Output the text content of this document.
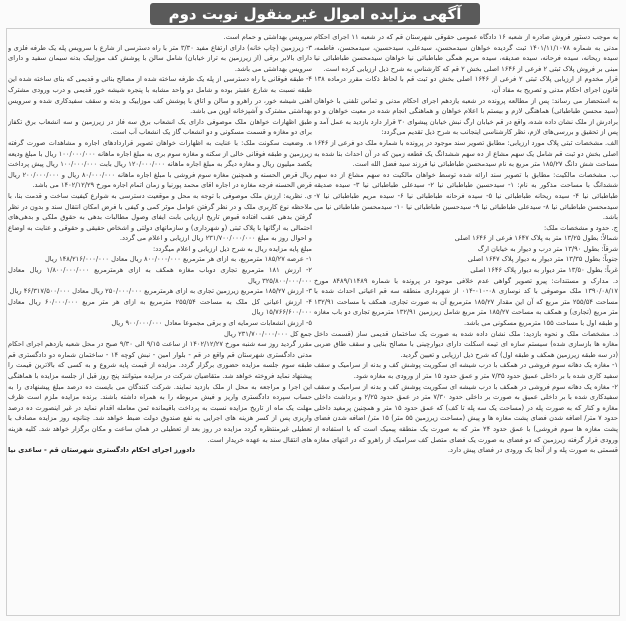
آگهی مزایده اموال غیرمنقول نوبت دوم

به موجب دستور فروش صادره از شعبه ۱۶ دادگاه عمومی حقوقی شهرستان قم که در شعبه ۱۱ اجرای احکام مدنی به شماره ۱۴۰۱/۱۱/۱۰۷۸ ثبت گردیده خواهان سیدمحسن، سیدعلی، سیدحسین، سیدمحسن، فاطمه، سیده ریحانه، سیده فرحانه، سیده صدیقه، سیده مریم همگی طباطبائی نیا خواهان سیدمحسن طباطبائی نیا مبنی بر فروش پلاک ثبتی ۲ فرعی از ۱۶۴۶ اصلی بخش ۲ قم که کارشناس به شرح ذیل ارزیابی کرده است.

قرار مخدوم از ارزیابی پلاک ثبتی ۲ فرعی از ۱۶۴۶ اصلی بخش دو ثبت قم با لحاظ ذکات مقرر درماده ۱۳۸ قانون اجرای احکام مدنی و تصریح به مفاد آن،

به استحضار می رساند: پس از مطالعه پرونده در شعبه یازدهم اجرای احکام مدنی و تماس تلفنی با خواهان (سید محسن طباطبائی) هماهنگی لازم و بیستم با اعلام خواهان و هماهنگی انجام شده در معیت خواهان و دو برادرش از ملک نشان داده شده، واقع در قم خیابان ارگ نبش خیابان پیشوای ۳۰ قرار دارد بازدید به عمل آمد و پس از تحقیق و بررسی‌های لازم، نظر کارشناسی اینجانب به شرح ذیل تقدیم می‌گردد:

الف. مشخصات ثبتی پلاک مورد ارزیابی: مطابق تصویر سند موجود در پرونده با شماره ملک دو فرعی از ۱۶۴۶ اصلی بخش دو ثبت قم شامل یک سهم مشاع از ده سهم ششدانگ یک قطعه زمین که در آن احداث بنا شده به مساحت شش دانگ ۱۸۵/۲۷ متر مربع به نام سیدمحسن طباطبائی نیا فرزند سید فضل الله است.

ب. مشخصات مالکیت: مطابق با تصویر سند ارائه شده توسط خواهان مالکیت ده سهم مشاع از ده سهم ششدانگ با مساحت مذکور به نام: ۱- سیدحسین طباطبائی نیا ۲- سیدعلی طباطبائی نیا ۳- سیده صدیقه طباطبائی نیا ۴- سیده ریحانه طباطبائی نیا ۵- سیده فرحانه طباطبائی نیا ۶- سیده مریم طباطبائی نیا ۷- سیدمحسن طباطبائی نیا ۸- سیدعلی طباطبائی نیا ۹- سیدحسین طباطبائی نیا ۱۰- سیدمحسن طباطبائی نیا می باشد.

ج. حدود و مشخصات ملک:

شمالاً: بطول ۱۳/۲۵ متر به پلاک ۱۶۴۷ فرعی از ۱۶۴۶ اصلی

شرقاً: بطول ۱۳/۹۰ متر درب و دیوار به خیابان ارگ

جنوباً: بطول ۱۳/۳۵ متر دیوار به دیوار پلاک ۱۶۴۷ اصلی

غرباً: بطول ۱۳/۵۰ متر دیوار به دیوار پلاک ۱۶۴۶ اصلی

د. مدارک و مستندات: پیرو تصویر گواهی عدم خلافی موجود در پرونده با شماره ۸۴۸۹/۱۱۴۸۹ مورخ ۱۳۹۰/۰۸/۱۷ ملک موصوفی با کد نوسازی ۰۸-۰۱۰-۰۱۴ از شهرداری منطقه سه قم اعیانی احداث شده با مساحت ۲۵۵/۵۴ متر مربع که آن این مقدار ۱۸۵/۲۷ مترمربع آن به صورت تجاری، همکف با مساحت ۱۳۲/۹۱ متر مربع (تجاری) و همکف به مساحت ۱۸۵/۲۷ متر مربع شامل زیرزمین ۱۳۲/۹۱ مترمربع تجاری دو باب مغازه و طبقه اول با مساحت ۱۵۵ مترمربع مسکونی می باشد.

ذ. مشخصات ملک و نحوه بازدید: ملک نشان داده شده به صورت یک ساختمان قدیمی ساز (قسمت داخل مغازه ها بازسازی شده) سیستم سازه ای تیمه اسکلت دارای دیوارچینی با مصالح بنایی و سقف طاق ضربی (در سه طبقه زیرزمین همکف و طبقه اول) که شرح ذیل ارزیابی و تعیین گردید.

۱- مغازه یک دهانه سوم فروشی در همکف با درب شیشه ای سکوریت پوشش کف و بدنه از سرامیک و سقف سفید کاری شده با بر داخلی عمیق حدود ۷/۳۵ متر و عمق حدود ۱۵ متر از ورودی به مغازه شود.

۲- مغازه یک دهانه سوم فروشی در همکف با درب شیشه ای سکوریت پوشش کف و بدنه از سرامیک و سقف سفیدکاری شده با بر داخلی عمیق به صورت بر داخلی حدود ۷/۳۰ متر در عمق حدود ۲/۲۵ و برداشت داخلی مغازه و کنار که به صورت پله در (مساحت یک سه پله تا کف) که عمق حدود ۱۵ متر و همچنین پرمغید داخلی حدود ۷ متر/ اضافه شدن فضای پشت مغازه ها و پیش (مساحت زیرزمین ۵۵ متر) ۱۵ متر/ اضافه شدن فضای پشت مغازه ها سوم فروشی) با عمق حدود ۲۴ متر که به صورت یک منطقه پیمیک است که با استفاده از ورودی قرار گرفته زیرزمین که دو فضای به صورت یک فضای متصل کف سرامیک از راهرو که در انتهای مغازه قسمتی به صورت پله و از آنجا یک ورودی در فضای پیش دارد.

سرویس بهداشتی و حمام است.

۳- زیرزمین (چاپ خانه) دارای ارتفاع مفید ۳/۳۰ متر با راه دسترسی از شارع با سرویس پله یک طرفه فلزی و دارای بالابر برقی (از زیرزمین به تراز خیابان) شامل سالن با پوشش کف موزاییک بدنه سیمان سفید و دارای سرویس بهداشتی می باشد.

۴- طبقه فوقانی با راه دسترسی از پله یک طرفه ساخته شده از مصالح بنائی و قدیمی که بنای ساخته شده این طبقه نسبت به شارع عقبتر بوده و شامل دو واحد مشابه با پنجره شیشه خور قدیمی و درب ورودی مشترک اهنی شیشه خور، در راهرو و سالن و اتاق با پوشش کف موزاییک و بدنه و سقف سفیدکاری شده و سرویس بهداشتی مشترک و آشپزخانه اوپن می باشد.

طبق اظهارات خواهان ملک موصوفی دارای یک انشعاب برق سه فاز در زیرزمین و سه انشعاب برق تکفاز برای دو مغازه و قسمت مسکونی و دو انشعاب گاز یک انشعاب آب است.

ه. وضعیت سکونت ملک: با عنایت به اظهارات خواهان تصویر قراردادهای اجاره و مشاهدات صورت گرفته زیرزمین و طبقه فوقانی خالی از سکنه و مغازه سوم بری به مبلغ اجاره ماهانه ۱۰۰/۰۰۰/۰۰۰ ریال با مبلغ ودیعه یکصد میلیون ریال و مغازه دیگر به مبلغ اجاره ماهانه ۱۲۰/۰۰۰/۰۰۰ ریال بابت ۱۰۰/۰۰۰/۰۰۰ ریال پیش پرداخت ریال قرض الحسنه و همچنین مغازه سوم فروشی با مبلغ اجاره ماهانه ۸۰/۰۰۰/۰۰۰ ریال و ۲۰۰/۰۰۰/۰۰۰ ریال قرض الحسنه فرجه مغازه در اجاره اقای محمد پورنیا و زمان اتمام اجاره مورخ ۱۴۰۲/۱۲/۲۹ می باشد.

ی. نظریه: ارزش ملک موصوفی با توجه به محل و موقعیت دسترسی به شوارع کیفیت ساخت و قدمت بنا، با ملاحظه نوع کاربری ملک و در نظر گرفتن عوامل موثر کمی و کیفی با فرض امکان انتقال سند و بدون در نظر گرفتن بدهی عقب افتاده قبوض تاریخ ارزیابی بابت ایفای وصول مطالبات بدهی به حقوق ملکی و بدهی‌های احتمالی به ارگانها با پلاک ثبتی (و شهرداری) و سازمانهای دولتی و اشخاص حقیقی و حقوقی و عنایت به اوضاع و احوال روز به مبلغ ۲۳۱/۷۰۰/۰۰۰/۰۰۰ ریال ارزیابی و اعلام می گردد.

مبلغ پایه مزایده ریال به شرح ذیل ارزیابی و اعلام میگردد:

۱- عرصه ۱۸۵/۲۷ مترمربع، به ازای هر مترمربع ۸۰۰/۰۰۰/۰۰۰ ریال معادل ۱۴۸/۲۱۶/۰۰۰/۰۰۰ ریال

۲- ارزش ۱۸۱ مترمربع تجاری دوباب مغازه همکف به ازای هرمترمربع ۱/۸۰۰/۰۰۰/۰۰۰ ریال معادل ۳۲۵/۸۰۰/۰۰۰/۰۰۰ ریال

۳- ارزش ۱۸۵/۲۷ مترمربع زیرزمین تجاری به ازای هرمترمربع ۲۵۰/۰۰۰/۰۰۰ ریال معادل ۴۶/۳۱۷/۵۰۰/۰۰۰ ریال

۴- ارزش اعیانی کل ملک به مساحت ۲۵۵/۵۴ مترمربع به ازای هر متر مربع ۶۰/۰۰۰/۰۰۰ ریال معادل ۱۵/۷۶۶/۶۰۰/۰۰۰ ریال

۵- ارزش انشعابات سرمایه ای و برقی مجموعا معادل ۹۰۰/۰۰۰/۰۰۰ ریال

جمع کل ۲۳۱/۷۰۰/۰۰۰/۰۰۰ ریال

مقرر گردید روز سه شنبه مورخ ۱۴۰۲/۱۲/۲۷ از ساعت ۹/۱۵ الی ۹/۳۰ صبح در محل شعبه یازدهم اجرای احکام مدنی دادگستری شهرستان قم واقع در قم - بلوار امین - نبش کوچه ۱۴ - ساختمان شماره دو دادگستری قم طبقه سوم جلسه مزایده حضوری برگزار گردد. مزایده از قیمت پایه شروع و به کسی که بالاترین قیمت را پیشنهاد نماید فروخته خواهد شد. متقاضیان شرکت در مزایده میتوانند پنج روز قبل از جلسه مزایده با هماهنگی این اجرا و مراجعه به محل از ملک بازدید نمایند. شرکت کنندگان می بایست ده درصد مبلغ پیشنهادی را به حساب سپرده دادگستری واریز و فیش مربوطه را به همراه داشته باشند. برنده مزایده ملزم است ظرف مهلت یک ماه از تاریخ مزایده نسبت به پرداخت باقیمانده ثمن معامله اقدام نماید در غیر اینصورت ده درصد واریزی پس از کسر هزینه های اجرایی به نفع صندوق دولت ضبط خواهد شد. چنانچه روز مزایده مصادف با تعطیلی غیرمنتظره گردد مزایده در روز بعد از تعطیلی در همان ساعت و مکان برگزار خواهد شد. کلیه هزینه های انتقال سند به عهده خریدار است.

دادورز اجرای احکام دادگستری شهرستان قم - ساعدی نیا
